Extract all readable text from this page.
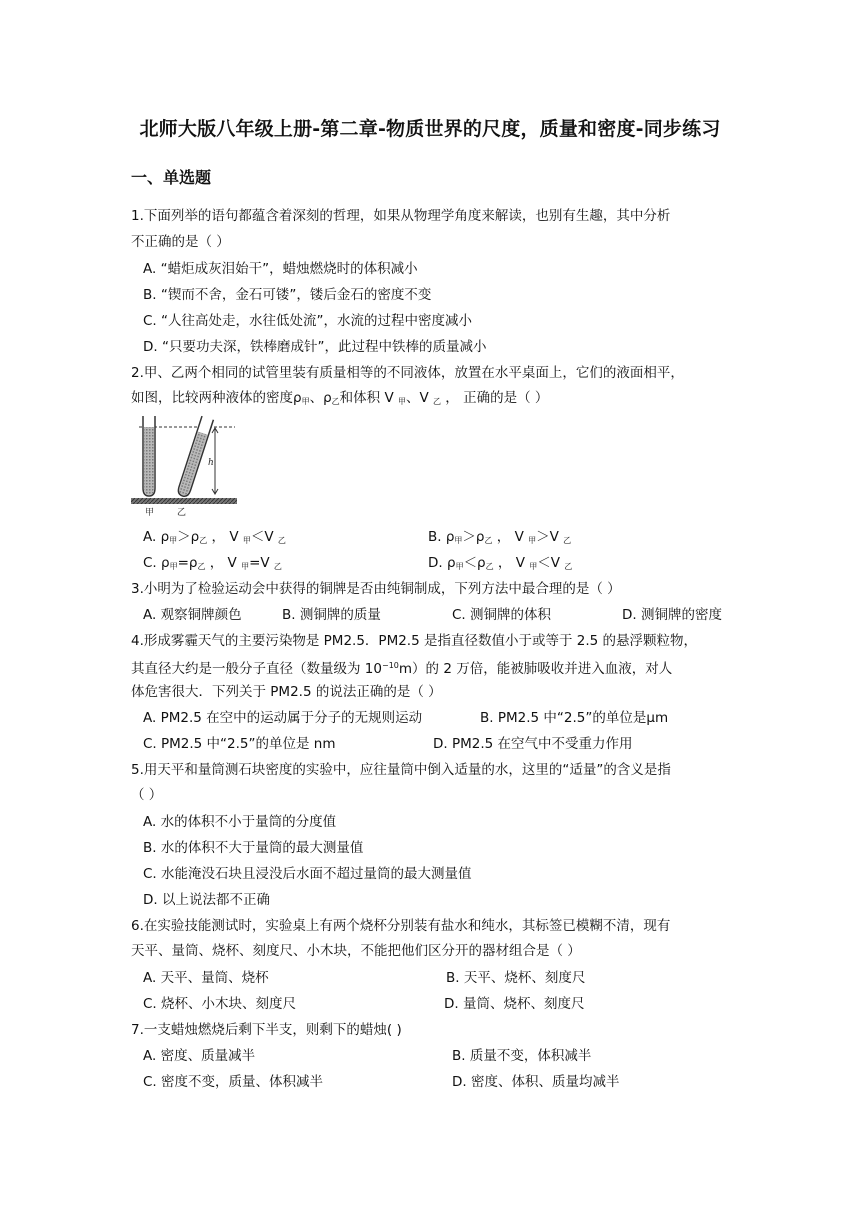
北师大版八年级上册-第二章-物质世界的尺度，质量和密度-同步练习
一、单选题
1.下面列举的语句都蕴含着深刻的哲理，如果从物理学角度来解读，也别有生趣，其中分析
不正确的是（ ）
A. “蜡炬成灰泪始干”，蜡烛燃烧时的体积减小
B. “锲而不舍，金石可镂”，镂后金石的密度不变
C. “人往高处走，水往低处流”，水流的过程中密度减小
D. “只要功夫深，铁棒磨成针”，此过程中铁棒的质量减小
2.甲、乙两个相同的试管里装有质量相等的不同液体，放置在水平桌面上，它们的液面相平，
如图，比较两种液体的密度$\rho_甲$、$\rho_乙$和体积 V $_甲$、V $_乙$ ， 正确的是（ ）
h
甲	乙
A. $\rho_甲>\rho_乙$ ， V $_甲$＜V $_乙$	B. $\rho_甲>\rho_乙$ ， V $_甲$＞V $_乙$
C. $\rho_甲=\rho_乙$ ， V $_甲$=V $_乙$	D. $\rho_甲<\rho_乙$ ， V $_甲$＜V $_乙$
3.小明为了检验运动会中获得的铜牌是否由纯铜制成，下列方法中最合理的是（ ）
A. 观察铜牌颜色	B. 测铜牌的质量	C. 测铜牌的体积	D. 测铜牌的密度
4.形成雾霾天气的主要污染物是 PM2.5．PM2.5 是指直径数值小于或等于 2.5 的悬浮颗粒物，
其直径大约是一般分子直径（数量级为 $10^{-10}m$）的 2 万倍，能被肺吸收并进入血液，对人
体危害很大．下列关于 PM2.5 的说法正确的是（ ）
A. PM2.5 在空中的运动属于分子的无规则运动	B. PM2.5 中“2.5”的单位是μm
C. PM2.5 中“2.5”的单位是 nm	D. PM2.5 在空气中不受重力作用
5.用天平和量筒测石块密度的实验中，应往量筒中倒入适量的水，这里的“适量”的含义是指
（ ）
A. 水的体积不小于量筒的分度值
B. 水的体积不大于量筒的最大测量值
C. 水能淹没石块且浸没后水面不超过量筒的最大测量值
D. 以上说法都不正确
6.在实验技能测试时，实验桌上有两个烧杯分别装有盐水和纯水，其标签已模糊不清，现有
天平、量筒、烧杯、刻度尺、小木块，不能把他们区分开的器材组合是（ ）
A. 天平、量筒、烧杯	B. 天平、烧杯、刻度尺
C. 烧杯、小木块、刻度尺	D. 量筒、烧杯、刻度尺
7.一支蜡烛燃烧后剩下半支，则剩下的蜡烛( )
A. 密度、质量减半	B. 质量不变，体积减半
C. 密度不变，质量、体积减半	D. 密度、体积、质量均减半
